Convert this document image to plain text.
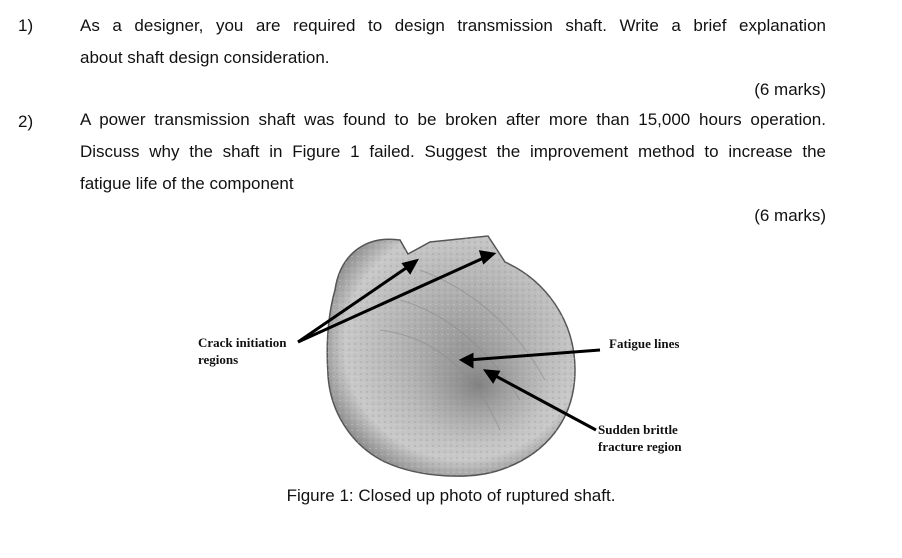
1)	As a designer, you are required to design transmission shaft. Write a brief explanation
about shaft design consideration.
(6 marks)
2)	A power transmission shaft was found to be broken after more than 15,000 hours operation.
Discuss why the shaft in Figure 1 failed. Suggest the improvement method to increase the
fatigue life of the component
(6 marks)
Crack initiation
regions
Fatigue lines
Sudden brittle
fracture region
Figure 1: Closed up photo of ruptured shaft.
